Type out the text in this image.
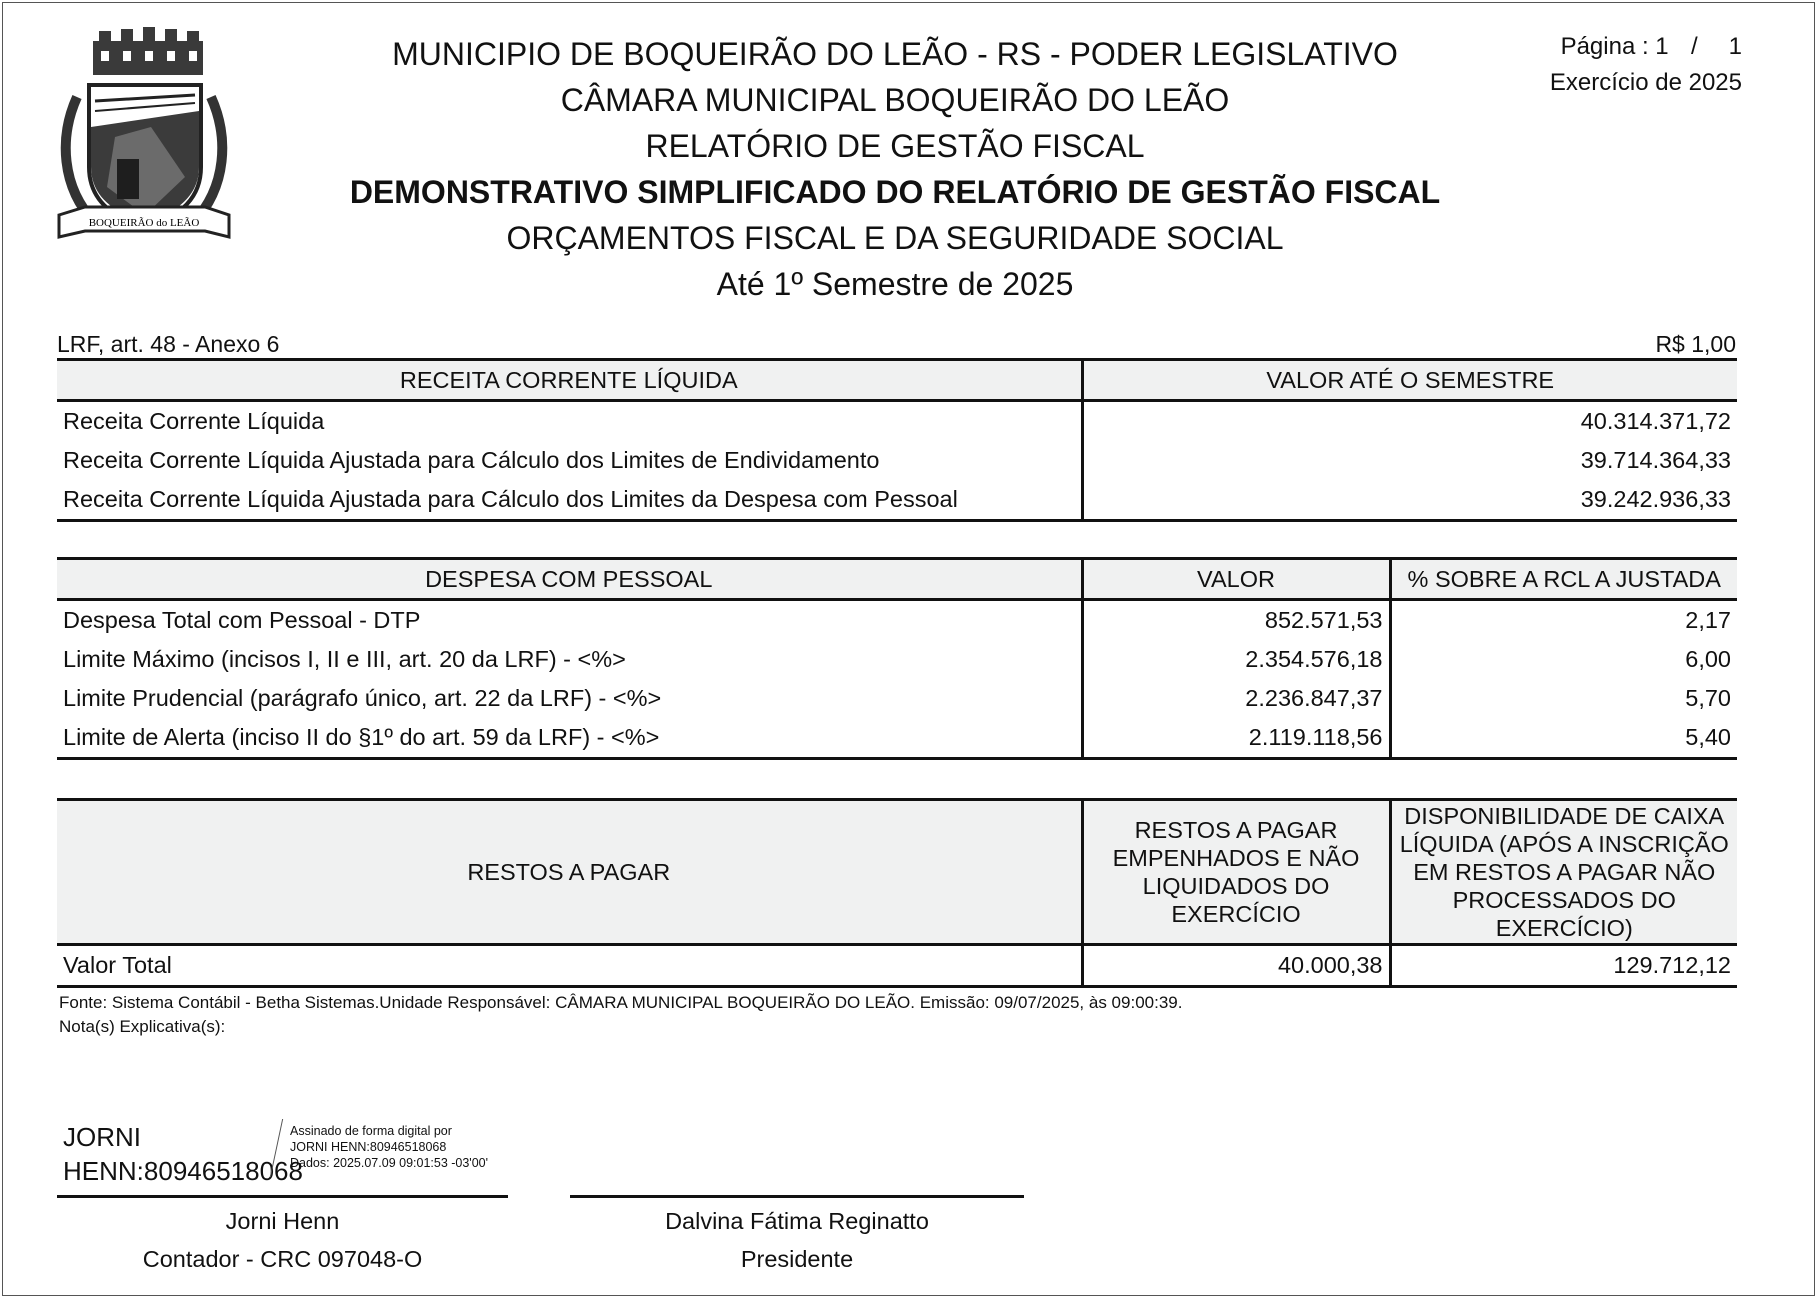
BOQUEIRÃO do LEÃO
MUNICIPIO DE BOQUEIRÃO DO LEÃO - RS - PODER LEGISLATIVO
CÂMARA MUNICIPAL BOQUEIRÃO DO LEÃO
RELATÓRIO DE GESTÃO FISCAL
DEMONSTRATIVO SIMPLIFICADO DO RELATÓRIO DE GESTÃO FISCAL
ORÇAMENTOS FISCAL E DA SEGURIDADE SOCIAL
Até 1º Semestre de 2025
Página : 1 / 1
Exercício de 2025
LRF, art. 48 - Anexo 6	R$ 1,00
RECEITA CORRENTE LÍQUIDA	VALOR ATÉ O SEMESTRE
Receita Corrente Líquida	40.314.371,72
Receita Corrente Líquida Ajustada para Cálculo dos Limites de Endividamento	39.714.364,33
Receita Corrente Líquida Ajustada para Cálculo dos Limites da Despesa com Pessoal	39.242.936,33
DESPESA COM PESSOAL	VALOR	% SOBRE A RCL A JUSTADA
Despesa Total com Pessoal - DTP	852.571,53	2,17
Limite Máximo (incisos I, II e III, art. 20 da LRF) - <%>	2.354.576,18	6,00
Limite Prudencial (parágrafo único, art. 22 da LRF) - <%>	2.236.847,37	5,70
Limite de Alerta (inciso II do §1º do art. 59 da LRF) - <%>	2.119.118,56	5,40
RESTOS A PAGAR	RESTOS A PAGAR EMPENHADOS E NÃO LIQUIDADOS DO EXERCÍCIO	DISPONIBILIDADE DE CAIXA LÍQUIDA (APÓS A INSCRIÇÃO EM RESTOS A PAGAR NÃO PROCESSADOS DO EXERCÍCIO)
Valor Total	40.000,38	129.712,12
Fonte: Sistema Contábil - Betha Sistemas.Unidade Responsável: CÂMARA MUNICIPAL BOQUEIRÃO DO LEÃO. Emissão: 09/07/2025, às 09:00:39.
Nota(s) Explicativa(s):
JORNI
HENN:80946518068
Assinado de forma digital por
JORNI HENN:80946518068
Dados: 2025.07.09 09:01:53 -03'00'
Jorni Henn
Contador - CRC 097048-O
Dalvina Fátima Reginatto
Presidente
